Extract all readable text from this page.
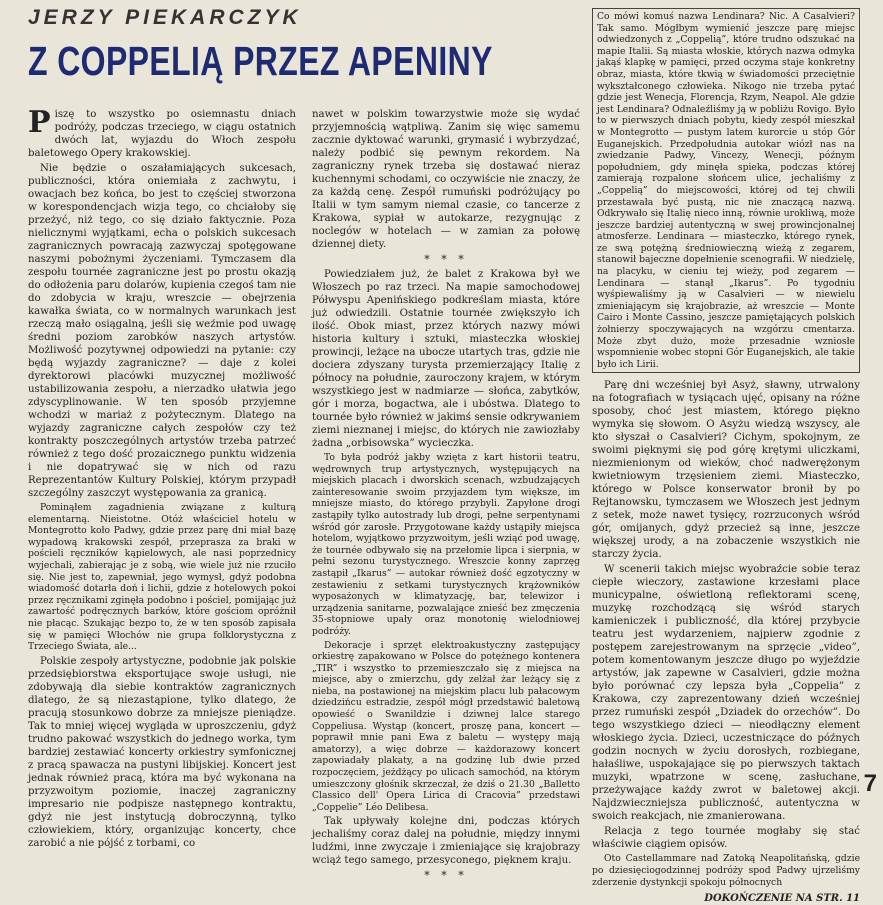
JERZY PIEKARCZYK
Z COPPELIĄ PRZEZ APENINY

Piszę to wszystko po osiemnastu dniach podróży, podczas trzeciego, w ciągu ostatnich dwóch lat, wyjazdu do Włoch zespołu baletowego Opery krakowskiej.

Nie będzie o oszałamiających sukcesach, publiczności, która oniemiała z zachwytu, i owacjach bez końca, bo jest to częściej stworzona w korespondencjach wizja tego, co chciałoby się przeżyć, niż tego, co się działo faktycznie. Poza nielicznymi wyjątkami, echa o polskich sukcesach zagranicznych powracają zazwyczaj spotęgowane naszymi pobożnymi życzeniami. Tymczasem dla zespołu tournée zagraniczne jest po prostu okazją do odłożenia paru dolarów, kupienia czegoś tam nie do zdobycia w kraju, wreszcie — obejrzenia kawałka świata, co w normalnych warunkach jest rzeczą mało osiągalną, jeśli się weźmie pod uwagę średni poziom zarobków naszych artystów. Możliwość pozytywnej odpowiedzi na pytanie: czy będą wyjazdy zagraniczne? — daje z kolei dyrektorowi placówki muzycznej możliwość ustabilizowania zespołu, a nierzadko ułatwia jego zdyscyplinowanie. W ten sposób przyjemne wchodzi w mariaż z pożytecznym. Dlatego na wyjazdy zagraniczne całych zespołów czy też kontrakty poszczególnych artystów trzeba patrzeć również z tego dość prozaicznego punktu widzenia i nie dopatrywać się w nich od razu Reprezentantów Kultury Polskiej, którym przypadł szczególny zaszczyt występowania za granicą.

Pominąłem zagadnienia związane z kulturą elementarną. Nieistotne. Otóż właściciel hotelu w Montegrotto koło Padwy, gdzie przez parę dni miał bazę wypadową krakowski zespół, przeprasza za braki w pościeli ręczników kąpielowych, ale nasi poprzednicy wyjechali, zabierając je z sobą, wie wiele już nie rzuciło się. Nie jest to, zapewniał, jego wymysł, gdyż podobna wiadomość dotarła doń i lichii, gdzie z hotelowych pokoi przez ręcznikami zginęła podobno i pościel, pomijając już zawartość podręcznych barków, które gościom opróżnił nie płacąc. Szukając bezpo to, że w ten sposób zapisała się w pamięci Włochów nie grupa folklorystyczna z Trzeciego Świata, ale...

Polskie zespoły artystyczne, podobnie jak polskie przedsiębiorstwa eksportujące swoje usługi, nie zdobywają dla siebie kontraktów zagranicznych dlatego, że są niezastąpione, tylko dlatego, że pracują stosunkowo dobrze za mniejsze pieniądze. Tak to mniej więcej wygląda w uproszczeniu, gdyż trudno pakować wszystkich do jednego worka, tym bardziej zestawiać koncerty orkiestry symfonicznej z pracą spawacza na pustyni libijskiej. Koncert jest jednak również pracą, która ma być wykonana na przyzwoitym poziomie, inaczej zagraniczny impresario nie podpisze następnego kontraktu, gdyż nie jest instytucją dobroczynną, tylko człowiekiem, który, organizując koncerty, chce zarobić a nie pójść z torbami, co

nawet w polskim towarzystwie może się wydać przyjemnością wątpliwą. Zanim się więc samemu zacznie dyktować warunki, grymasić i wybrzydzać, należy podbić się pewnym rekordem. Na zagraniczny rynek trzeba się dostawać nieraz kuchennymi schodami, co oczywiście nie znaczy, że za każdą cenę. Zespół rumuński podróżujący po Italii w tym samym niemal czasie, co tancerze z Krakowa, sypiał w autokarze, rezygnując z noclegów w hotelach — w zamian za połowę dziennej diety.

* * *

Powiedziałem już, że balet z Krakowa był we Włoszech po raz trzeci. Na mapie samochodowej Półwyspu Apenińskiego podkreślam miasta, które już odwiedzili. Ostatnie tournée zwiększyło ich ilość. Obok miast, przez których nazwy mówi historia kultury i sztuki, miasteczka włoskiej prowincji, leżące na ubocze utartych tras, gdzie nie dociera zdyszany turysta przemierzający Italię z północy na południe, zauroczony krajem, w którym wszystkiego jest w nadmiarze — słońca, zabytków, gór i morza, bogactwa, ale i ubóstwa. Dlatego to tournée było również w jakimś sensie odkrywaniem ziemi nieznanej i miejsc, do których nie zawiozłaby żadna „orbisowska” wycieczka.

To była podróż jakby wzięta z kart historii teatru, wędrownych trup artystycznych, występujących na miejskich placach i dworskich scenach, wzbudzających zainteresowanie swoim przyjazdem tym większe, im mniejsze miasto, do którego przybyli. Zapyłone drogi zastąpiły tylko autostrady lub drogi, pełne serpentynami wśród gór zarosłe. Przygotowane każdy ustąpiły miejsca hotelom, wyjątkowo przyzwoitym, jeśli wziąć pod uwagę, że tournée odbywało się na przełomie lipca i sierpnia, w pełni sezonu turystycznego. Wreszcie konny zaprzęg zastąpił „Ikarus” — autokar również dość egzotyczny w zestawieniu z setkami turystycznych krążowników wyposażonych w klimatyzację, bar, telewizor i urządzenia sanitarne, pozwalające znieść bez zmęczenia 35-stopniowe upały oraz monotonię wielodniowej podróży.

Dekoracje i sprzęt elektroakustyczny zastępujący orkiestrę zapakowano w Polsce do potężnego kontenera „TIR” i wszystko to przemieszczało się z miejsca na miejsce, aby o zmierzchu, gdy zelżał żar leżący się z nieba, na postawionej na miejskim placu lub pałacowym dziedzińcu estradzie, zespół mógł przedstawić baletową opowieść o Swanildzie i dziwnej lalce starego Coppeliusa. Wystąp (koncert, proszę pana, koncert — poprawił mnie pani Ewa z baletu — występy mają amatorzy), a więc dobrze — każdorazowy koncert zapowiadały plakaty, a na godzinę lub dwie przed rozpoczęciem, jeżdżący po ulicach samochód, na którym umieszczony głośnik skrzeczał, że dziś o 21.30 „Balletto Classico dell' Opera Lirica di Cracovia” przedstawi „Coppelie” Léo Delibesa.

Tak upływały kolejne dni, podczas których jechaliśmy coraz dalej na południe, między innymi ludźmi, inne zwyczaje i zmieniające się krajobrazy wciąż tego samego, przesyconego, pięknem kraju.

* * *

Co mówi komuś nazwa Lendinara? Nic. A Casalvieri? Tak samo. Mógłbym wymienić jeszcze parę miejsc odwiedzonych z „Coppelią”, które trudno odszukać na mapie Italii. Są miasta włoskie, których nazwa odmyka jakąś klapkę w pamięci, przed oczyma staje konkretny obraz, miasta, które tkwią w świadomości przeciętnie wykształconego człowieka. Nikogo nie trzeba pytać gdzie jest Wenecja, Florencja, Rzym, Neapol. Ale gdzie jest Lendinara? Odnaleźliśmy ją w pobliżu Rovigo. Było to w pierwszych dniach pobytu, kiedy zespół mieszkał w Montegrotto — pustym latem kurorcie u stóp Gór Euganejskich. Przedpołudnia autokar wiózł nas na zwiedzanie Padwy, Vincezy, Wenecji, późnym popołudniem, gdy minęła spieka, podczas której zamierają rozpalone słońcem ulice, jechaliśmy z „Coppelią” do miejscowości, której od tej chwili przestawała być pustą, nic nie znaczącą nazwą. Odkrywało się Italię nieco inną, równie urokliwą, może jeszcze bardziej autentyczną w swej prowincjonalnej atmosferze. Lendinara — miasteczko, którego rynek, ze swą potężną średniowieczną wieżą z zegarem, stanowił bajeczne dopełnienie scenografii. W niedzielę, na placyku, w cieniu tej wieży, pod zegarem — Lendinara — stanął „Ikarus”. Po tygodniu wyśpiewaliśmy ją w Casalvieri — w niewielu zmieniającym się krajobrazie, aż wreszcie — Monte Cairo i Monte Cassino, jeszcze pamiętających polskich żołnierzy spoczywających na wzgórzu cmentarza. Może zbyt dużo, może przesadnie wzniosłe wspomnienie wobec stopni Gór Euganejskich, ale takie było ich Lirii.

Parę dni wcześniej był Asyż, sławny, utrwalony na fotografiach w tysiącach ujęć, opisany na różne sposoby, choć jest miastem, którego piękno wymyka się słowom. O Asyżu wiedzą wszyscy, ale kto słyszał o Casalvieri? Cichym, spokojnym, ze swoimi pięknymi się pod górę krętymi uliczkami, niezmienionym od wieków, choć nadwerężonym kwietniowym trzęsieniem ziemi. Miasteczko, którego w Polsce konserwator bronił by po Rejtanowsku, tymczasem we Włoszech jest jednym z setek, może nawet tysięcy, rozrzuconych wśród gór, omijanych, gdyż przecież są inne, jeszcze większej urody, a na zobaczenie wszystkich nie starczy życia.

W scenerii takich miejsc wyobraźcie sobie teraz ciepłe wieczory, zastawione krzesłami place municypalne, oświetloną reflektorami scenę, muzykę rozchodzącą się wśród starych kamieniczek i publiczność, dla której przybycie teatru jest wydarzeniem, najpierw zgodnie z postępem zarejestrowanym na sprzęcie „video”, potem komentowanym jeszcze długo po wyjeździe artystów, jak zapewne w Casalvieri, gdzie można było porównać czy lepsza była „Coppelia” z Krakowa, czy zaprezentowany dzień wcześniej przez rumuński zespół „Dziadek do orzechów”. Do tego wszystkiego dzieci — nieodłączny element włoskiego życia. Dzieci, uczestniczące do późnych godzin nocnych w życiu dorosłych, rozbiegane, hałaśliwe, uspokajające się po pierwszych taktach muzyki, wpatrzone w scenę, zasłuchane, przeżywające każdy zwrot w baletowej akcji. Najdzwieczniejsza publiczność, autentyczna w swoich reakcjach, nie zmanierowana.

Relacja z tego tournée mogłaby się stać właściwie ciągiem opisów.

Oto Castellammare nad Zatoką Neapolitańską, gdzie po dziesięciogodzinnej podróży spod Padwy ujrzeliśmy zderzenie dystynkcji spokoju północnych

DOKOŃCZENIE NA STR. 11
7
